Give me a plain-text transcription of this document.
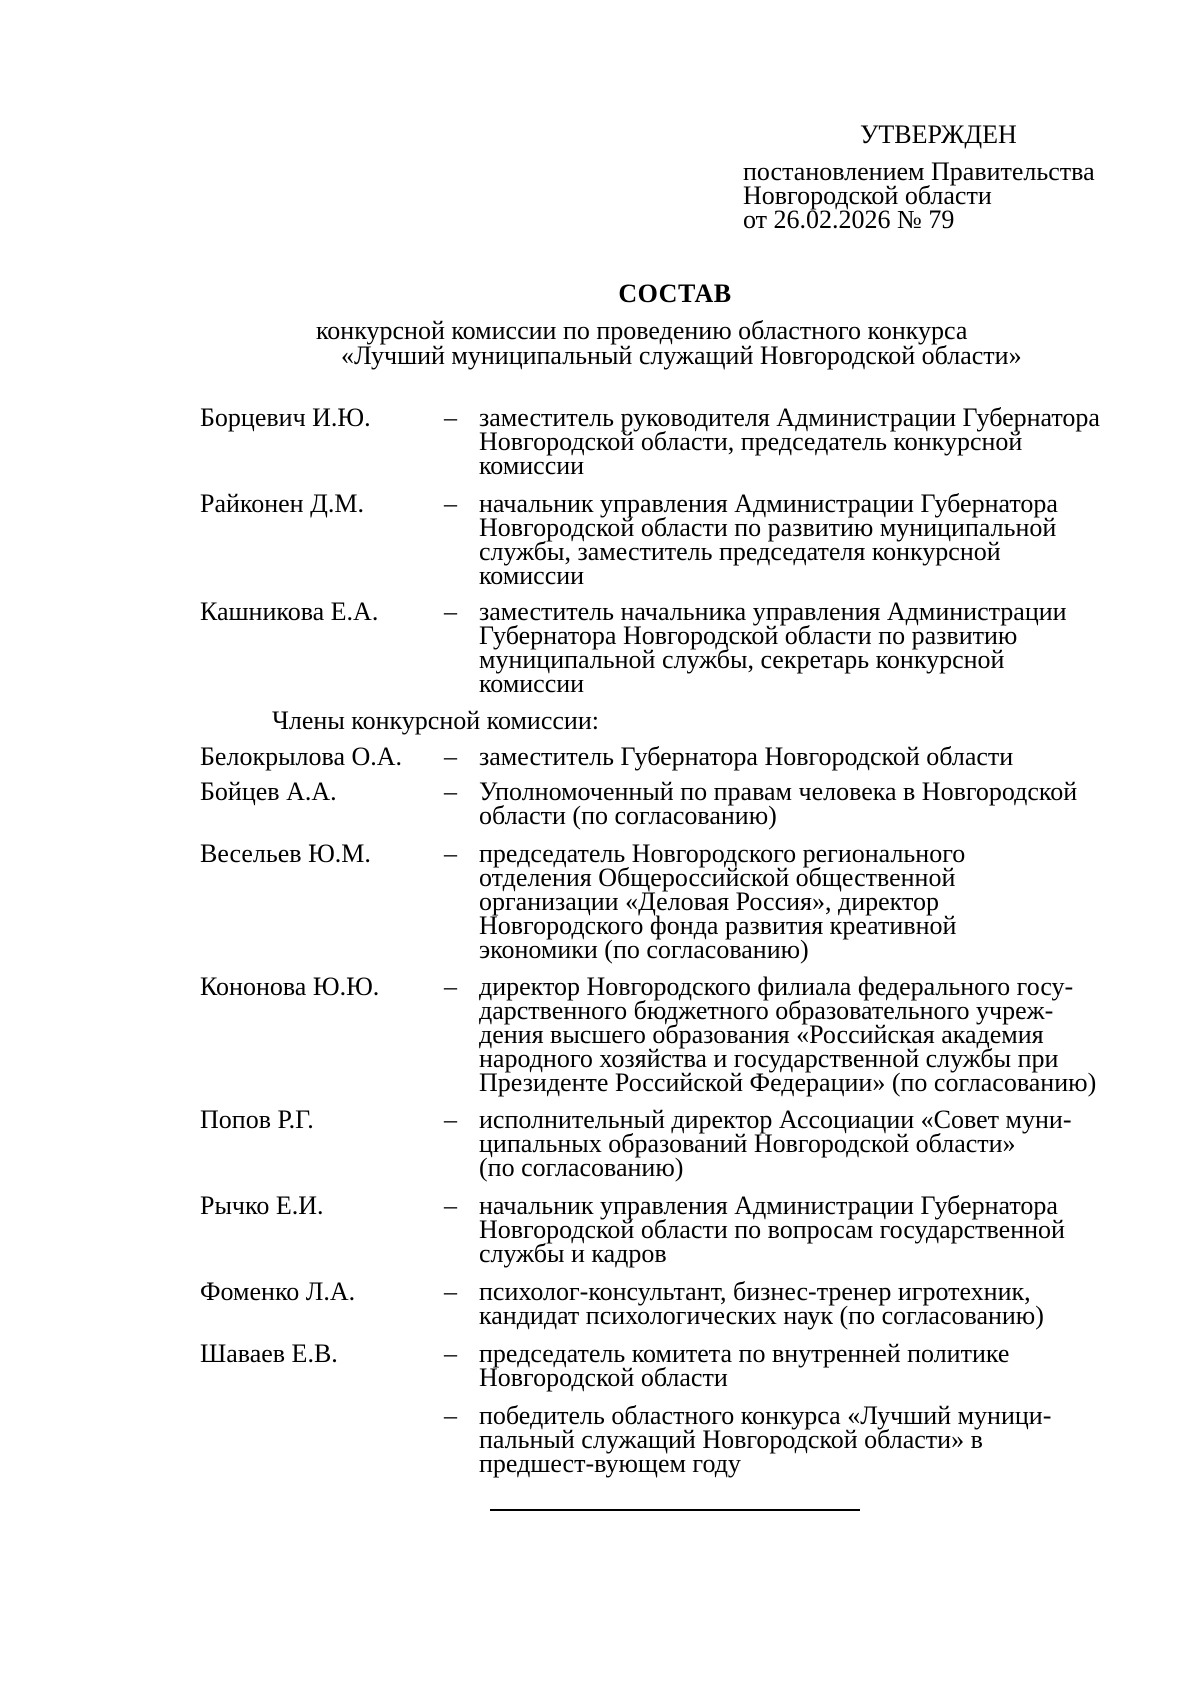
УТВЕРЖДЕН
постановлением Правительства
Новгородской области
от 26.02.2026 № 79
СОСТАВ
конкурсной комиссии по проведению областного конкурса
«Лучший муниципальный служащий Новгородской области»
Борцевич И.Ю.	– заместитель руководителя Администрации Губернатора
Новгородской области, председатель конкурсной
комиссии
Райконен Д.М.	– начальник управления Администрации Губернатора
Новгородской области по развитию муниципальной
службы, заместитель председателя конкурсной
комиссии
Кашникова Е.А.	– заместитель начальника управления Администрации
Губернатора Новгородской области по развитию
муниципальной службы, секретарь конкурсной
комиссии
Члены конкурсной комиссии:
Белокрылова О.А. – заместитель Губернатора Новгородской области
Бойцев А.А.	– Уполномоченный по правам человека в Новгородской
области (по согласованию)
Весельев Ю.М.	– председатель Новгородского регионального
отделения Общероссийской общественной
организации «Деловая Россия», директор
Новгородского фонда развития креативной
экономики (по согласованию)
Кононова Ю.Ю. – директор Новгородского филиала федерального госу-
дарственного бюджетного образовательного учреж-
дения высшего образования «Российская академия
народного хозяйства и государственной службы при
Президенте Российской Федерации» (по согласованию)
Попов Р.Г.	– исполнительный директор Ассоциации «Совет муни-
ципальных образований Новгородской области»
(по согласованию)
Рычко Е.И.	– начальник управления Администрации Губернатора
Новгородской области по вопросам государственной
службы и кадров
Фоменко Л.А.	– психолог-консультант, бизнес-тренер игротехник,
кандидат психологических наук (по согласованию)
Шаваев Е.В.	– председатель комитета по внутренней политике
Новгородской области
– победитель областного конкурса «Лучший муници-
пальный служащий Новгородской области» в
предшест-вующем году
